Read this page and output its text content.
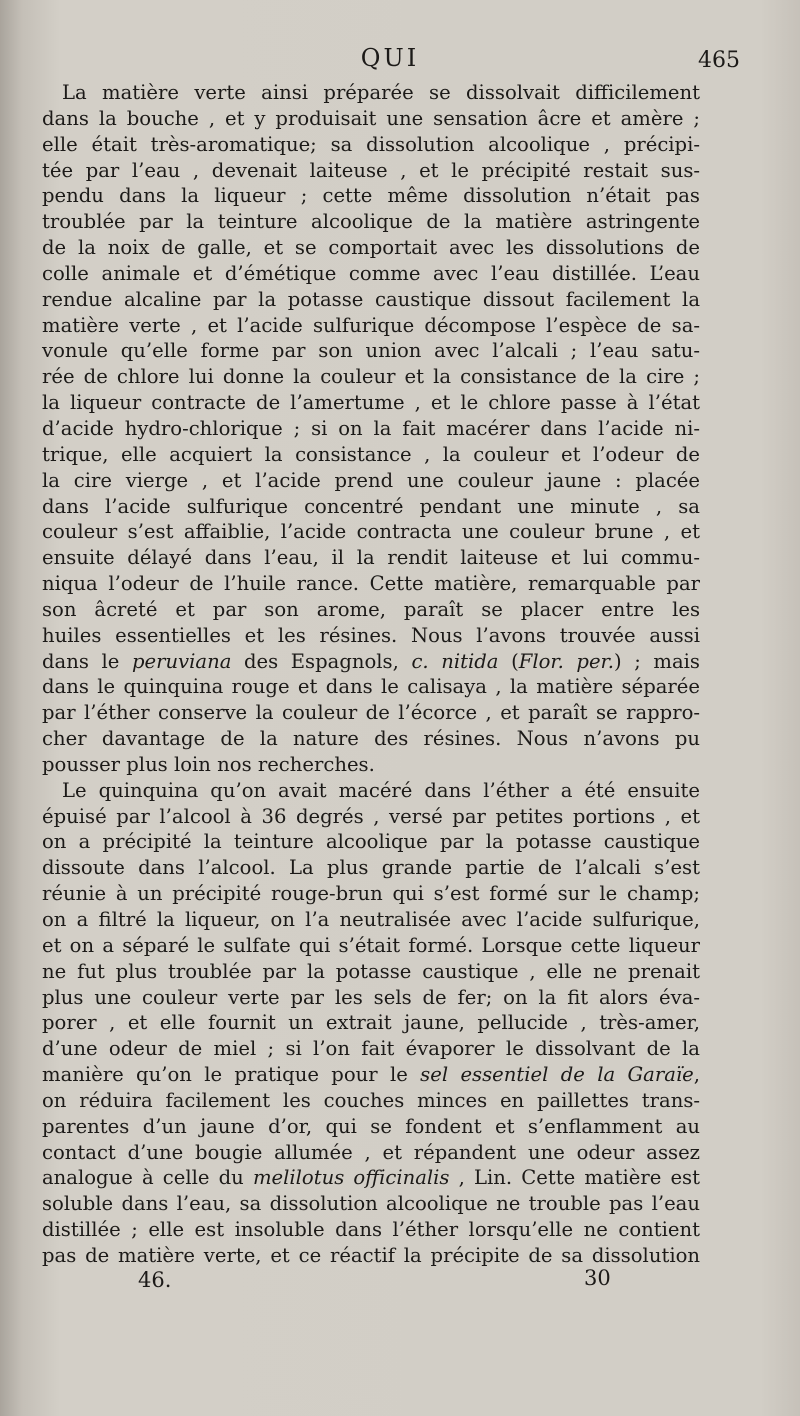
QUI	465
La matière verte ainsi préparée se dissolvait difficilement
dans la bouche , et y produisait une sensation âcre et amère ;
elle était très-aromatique; sa dissolution alcoolique , précipi-
tée par l’eau , devenait laiteuse , et le précipité restait sus-
pendu dans la liqueur ; cette même dissolution n’était pas
troublée par la teinture alcoolique de la matière astringente
de la noix de galle, et se comportait avec les dissolutions de
colle animale et d’émétique comme avec l’eau distillée. L’eau
rendue alcaline par la potasse caustique dissout facilement la
matière verte , et l’acide sulfurique décompose l’espèce de sa-
vonule qu’elle forme par son union avec l’alcali ; l’eau satu-
rée de chlore lui donne la couleur et la consistance de la cire ;
la liqueur contracte de l’amertume , et le chlore passe à l’état
d’acide hydro-chlorique ; si on la fait macérer dans l’acide ni-
trique, elle acquiert la consistance , la couleur et l’odeur de
la cire vierge , et l’acide prend une couleur jaune : placée
dans l’acide sulfurique concentré pendant une minute , sa
couleur s’est affaiblie, l’acide contracta une couleur brune , et
ensuite délayé dans l’eau, il la rendit laiteuse et lui commu-
niqua l’odeur de l’huile rance. Cette matière, remarquable par
son âcreté et par son arome, paraît se placer entre les
huiles essentielles et les résines. Nous l’avons trouvée aussi
dans le peruviana des Espagnols, c. nitida (Flor. per.) ; mais
dans le quinquina rouge et dans le calisaya , la matière séparée
par l’éther conserve la couleur de l’écorce , et paraît se rappro-
cher davantage de la nature des résines. Nous n’avons pu
pousser plus loin nos recherches.
Le quinquina qu’on avait macéré dans l’éther a été ensuite
épuisé par l’alcool à 36 degrés , versé par petites portions , et
on a précipité la teinture alcoolique par la potasse caustique
dissoute dans l’alcool. La plus grande partie de l’alcali s’est
réunie à un précipité rouge-brun qui s’est formé sur le champ;
on a filtré la liqueur, on l’a neutralisée avec l’acide sulfurique,
et on a séparé le sulfate qui s’était formé. Lorsque cette liqueur
ne fut plus troublée par la potasse caustique , elle ne prenait
plus une couleur verte par les sels de fer; on la fit alors éva-
porer , et elle fournit un extrait jaune, pellucide , très-amer,
d’une odeur de miel ; si l’on fait évaporer le dissolvant de la
manière qu’on le pratique pour le sel essentiel de la Garaïe,
on réduira facilement les couches minces en paillettes trans-
parentes d’un jaune d’or, qui se fondent et s’enflamment au
contact d’une bougie allumée , et répandent une odeur assez
analogue à celle du melilotus officinalis , Lin. Cette matière est
soluble dans l’eau, sa dissolution alcoolique ne trouble pas l’eau
distillée ; elle est insoluble dans l’éther lorsqu’elle ne contient
pas de matière verte, et ce réactif la précipite de sa dissolution
46.	30
